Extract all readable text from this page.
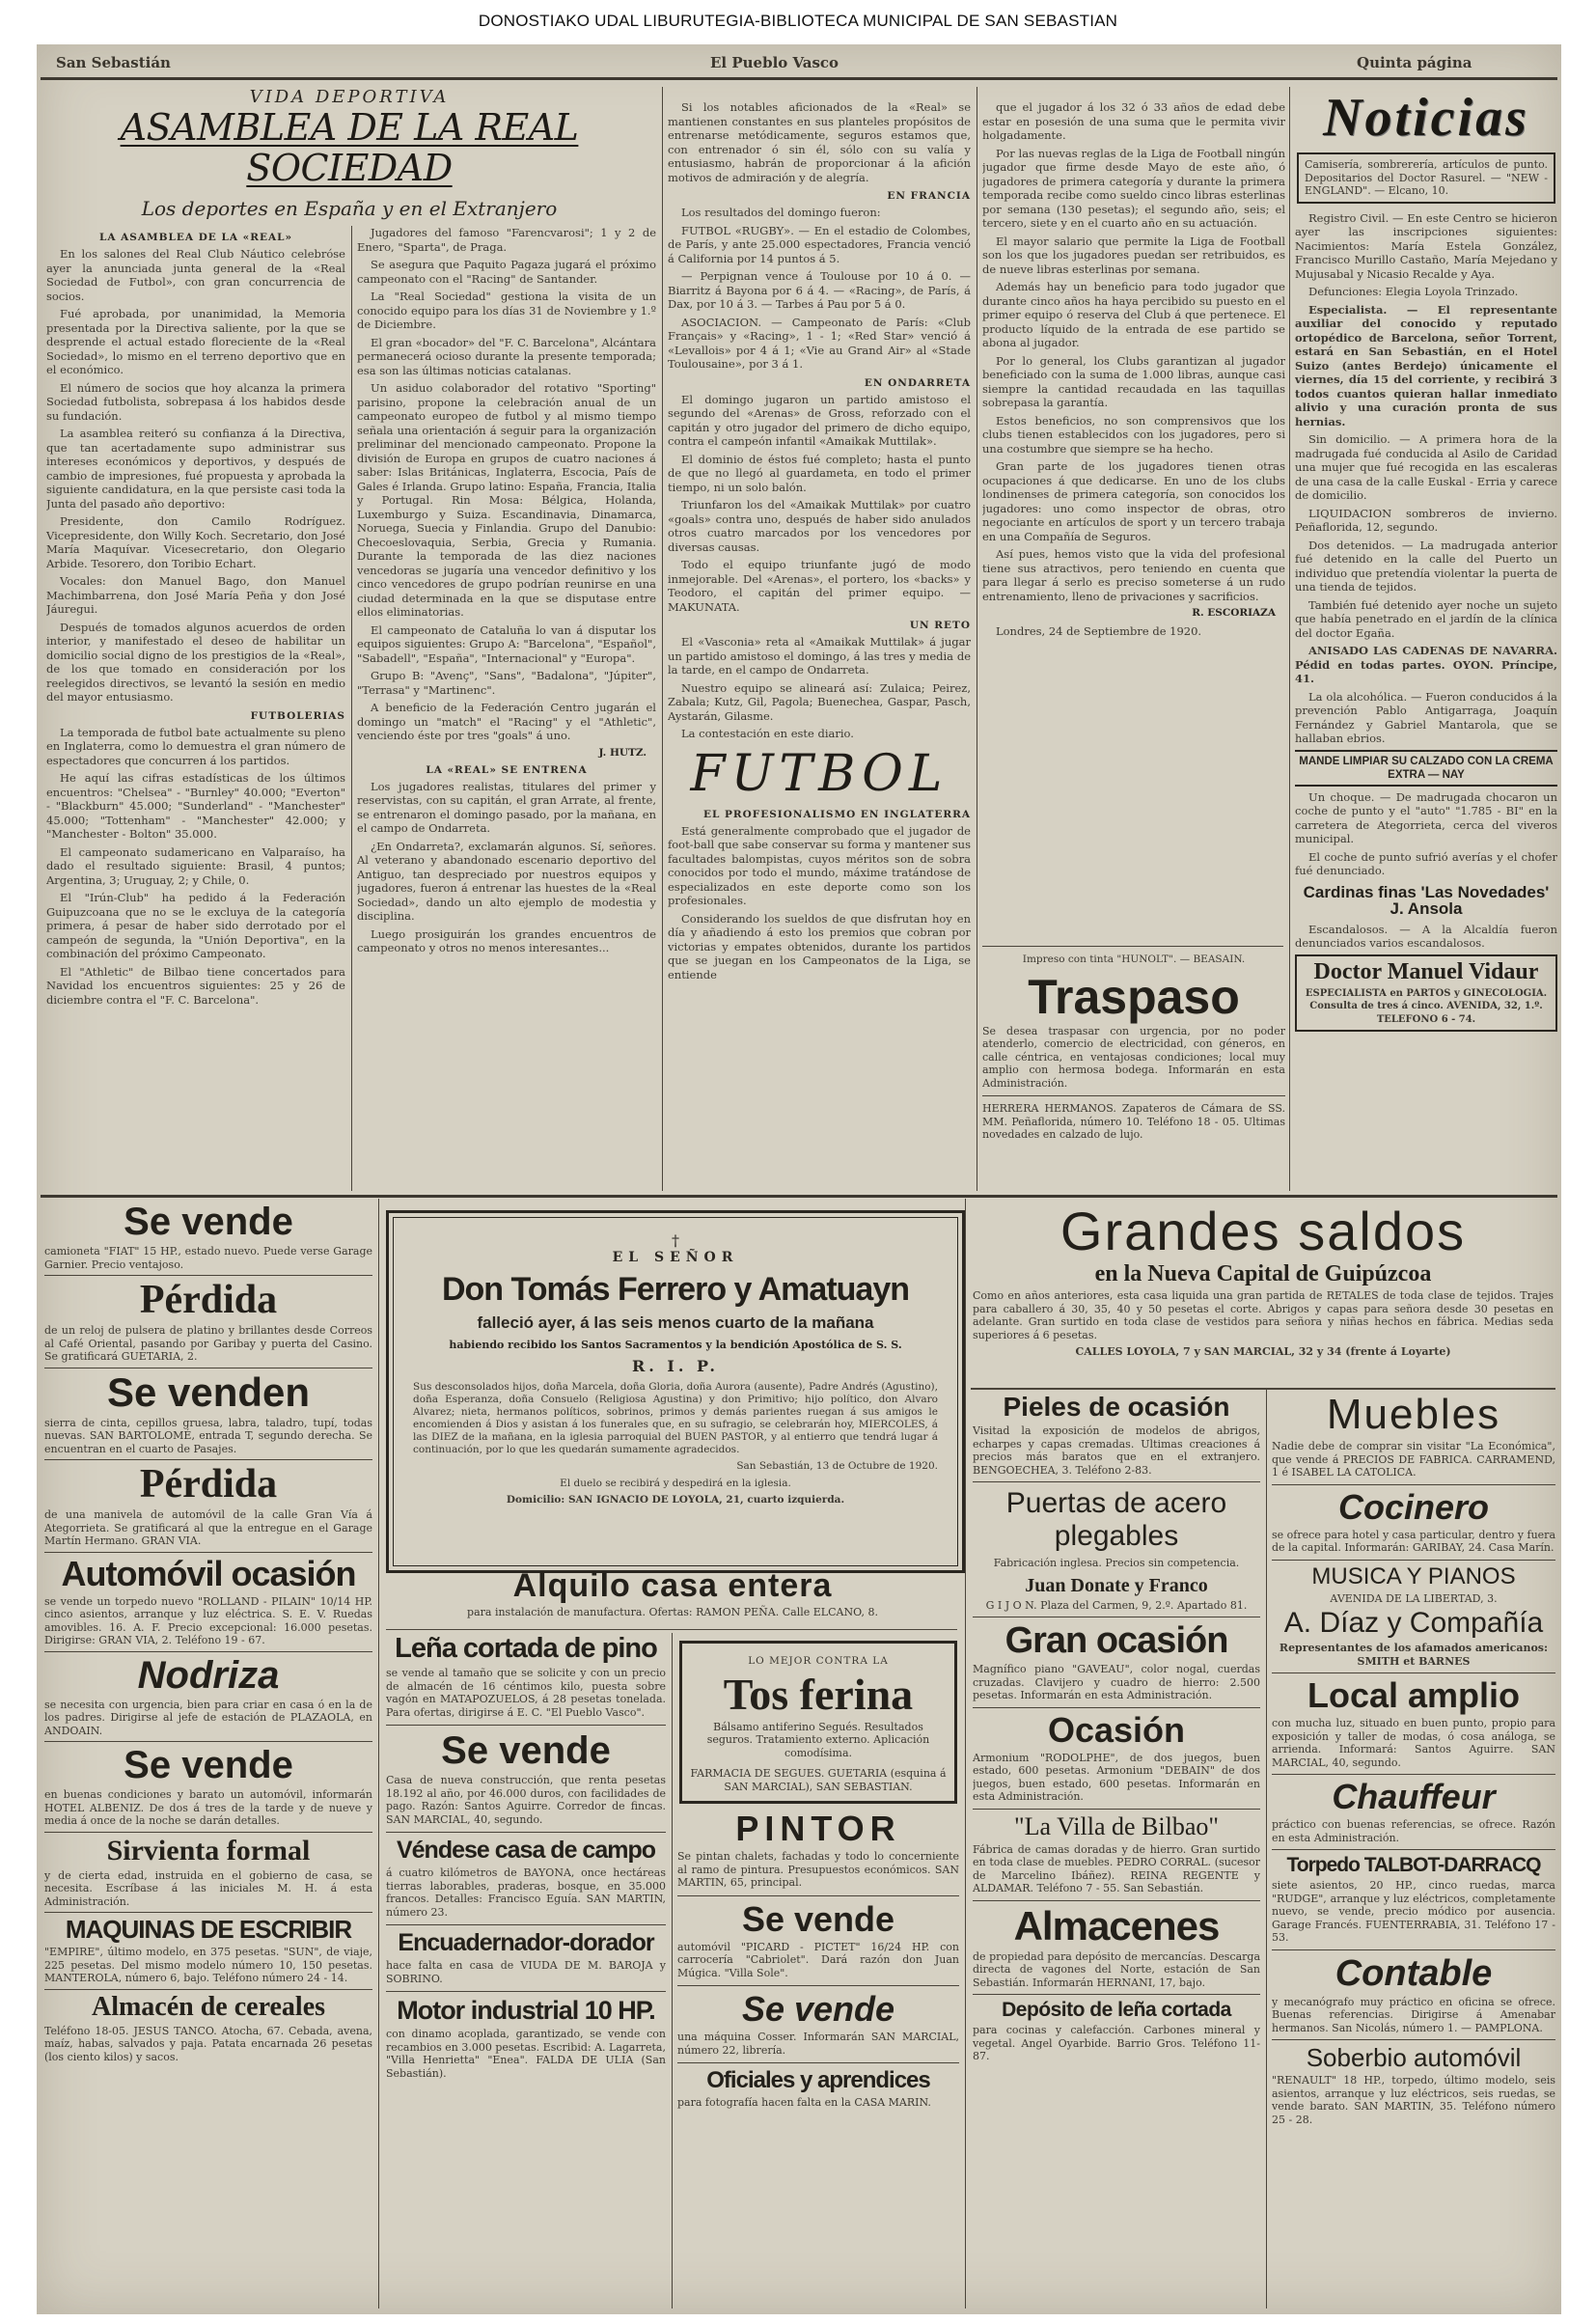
DONOSTIAKO UDAL LIBURUTEGIA-BIBLIOTECA MUNICIPAL DE SAN SEBASTIAN
San Sebastián	El Pueblo Vasco	Quinta página
VIDA DEPORTIVA
ASAMBLEA DE LA REAL SOCIEDAD
Los deportes en España y en el Extranjero
LA ASAMBLEA DE LA «REAL»

En los salones del Real Club Náutico celebróse ayer la anunciada junta general de la «Real Sociedad de Futbol», con gran concurrencia de socios.

Fué aprobada, por unanimidad, la Memoria presentada por la Directiva saliente, por la que se desprende el actual estado floreciente de la «Real Sociedad», lo mismo en el terreno deportivo que en el económico.

El número de socios que hoy alcanza la primera Sociedad futbolista, sobrepasa á los habidos desde su fundación.

La asamblea reiteró su confianza á la Directiva, que tan acertadamente supo administrar sus intereses económicos y deportivos, y después de cambio de impresiones, fué propuesta y aprobada la siguiente candidatura, en la que persiste casi toda la Junta del pasado año deportivo:

Presidente, don Camilo Rodríguez. Vicepresidente, don Willy Koch. Secretario, don José María Maquívar. Vicesecretario, don Olegario Arbide. Tesorero, don Toribio Echart.

Vocales: don Manuel Bago, don Manuel Machimbarrena, don José María Peña y don José Jáuregui.

Después de tomados algunos acuerdos de orden interior, y manifestado el deseo de habilitar un domicilio social digno de los prestigios de la «Real», de los que tomado en consideración por los reelegidos directivos, se levantó la sesión en medio del mayor entusiasmo.

FUTBOLERIAS

La temporada de futbol bate actualmente su pleno en Inglaterra, como lo demuestra el gran número de espectadores que concurren á los partidos.

He aquí las cifras estadísticas de los últimos encuentros: "Chelsea" - "Burnley" 40.000; "Everton" - "Blackburn" 45.000; "Sunderland" - "Manchester" 45.000; "Tottenham" - "Manchester" 42.000; y "Manchester - Bolton" 35.000.

El campeonato sudamericano en Valparaíso, ha dado el resultado siguiente: Brasil, 4 puntos; Argentina, 3; Uruguay, 2; y Chile, 0.

El "Irún-Club" ha pedido á la Federación Guipuzcoana que no se le excluya de la categoría primera, á pesar de haber sido derrotado por el campeón de segunda, la "Unión Deportiva", en la combinación del próximo Campeonato.

El "Athletic" de Bilbao tiene concertados para Navidad los encuentros siguientes: 25 y 26 de diciembre contra el "F. C. Barcelona".

Jugadores del famoso "Farencvarosi"; 1 y 2 de Enero, "Sparta", de Praga.

Se asegura que Paquito Pagaza jugará el próximo campeonato con el "Racing" de Santander.

La "Real Sociedad" gestiona la visita de un conocido equipo para los días 31 de Noviembre y 1.º de Diciembre.

El gran «bocador» del "F. C. Barcelona", Alcántara permanecerá ocioso durante la presente temporada; esa son las últimas noticias catalanas.

Un asiduo colaborador del rotativo "Sporting" parisino, propone la celebración anual de un campeonato europeo de futbol y al mismo tiempo señala una orientación á seguir para la organización preliminar del mencionado campeonato. Propone la división de Europa en grupos de cuatro naciones á saber: Islas Británicas, Inglaterra, Escocia, País de Gales é Irlanda. Grupo latino: España, Francia, Italia y Portugal. Rin Mosa: Bélgica, Holanda, Luxemburgo y Suiza. Escandinavia, Dinamarca, Noruega, Suecia y Finlandia. Grupo del Danubio: Checoeslovaquia, Serbia, Grecia y Rumania. Durante la temporada de las diez naciones vencedoras se jugaría una vencedor definitivo y los cinco vencedores de grupo podrían reunirse en una ciudad determinada en la que se disputase entre ellos eliminatorias.

El campeonato de Cataluña lo van á disputar los equipos siguientes: Grupo A: "Barcelona", "Español", "Sabadell", "España", "Internacional" y "Europa".

Grupo B: "Avenç", "Sans", "Badalona", "Júpiter", "Terrasa" y "Martinenc".

A beneficio de la Federación Centro jugarán el domingo un "match" el "Racing" y el "Athletic", venciendo éste por tres "goals" á uno.

J. HUTZ.
LA «REAL» SE ENTRENA

Los jugadores realistas, titulares del primer y reservistas, con su capitán, el gran Arrate, al frente, se entrenaron el domingo pasado, por la mañana, en el campo de Ondarreta.

¿En Ondarreta?, exclamarán algunos. Sí, señores. Al veterano y abandonado escenario deportivo del Antiguo, tan despreciado por nuestros equipos y jugadores, fueron á entrenar las huestes de la «Real Sociedad», dando un alto ejemplo de modestia y disciplina.

Luego prosiguirán los grandes encuentros de campeonato y otros no menos interesantes...

Si los notables aficionados de la «Real» se mantienen constantes en sus planteles propósitos de entrenarse metódicamente, seguros estamos que, con entrenador ó sin él, sólo con su valía y entusiasmo, habrán de proporcionar á la afición motivos de admiración y de alegría.

EN FRANCIA

Los resultados del domingo fueron:

FUTBOL «RUGBY». — En el estadio de Colombes, de París, y ante 25.000 espectadores, Francia venció á California por 14 puntos á 5.

— Perpignan vence á Toulouse por 10 á 0. — Biarritz á Bayona por 6 á 4. — «Racing», de París, á Dax, por 10 á 3. — Tarbes á Pau por 5 á 0.

ASOCIACION. — Campeonato de París: «Club Français» y «Racing», 1 - 1; «Red Star» venció á «Levallois» por 4 á 1; «Vie au Grand Air» al «Stade Toulousaine», por 3 á 1.

EN ONDARRETA

El domingo jugaron un partido amistoso el segundo del «Arenas» de Gross, reforzado con el capitán y otro jugador del primero de dicho equipo, contra el campeón infantil «Amaikak Muttilak».

El dominio de éstos fué completo; hasta el punto de que no llegó al guardameta, en todo el primer tiempo, ni un solo balón.

Triunfaron los del «Amaikak Muttilak» por cuatro «goals» contra uno, después de haber sido anulados otros cuatro marcados por los vencedores por diversas causas.

Todo el equipo triunfante jugó de modo inmejorable. Del «Arenas», el portero, los «backs» y Teodoro, el capitán del primer equipo. — MAKUNATA.

UN RETO

El «Vasconia» reta al «Amaikak Muttilak» á jugar un partido amistoso el domingo, á las tres y media de la tarde, en el campo de Ondarreta.

Nuestro equipo se alineará así: Zulaica; Peirez, Zabala; Kutz, Gil, Pagola; Buenechea, Gaspar, Pasch, Aystarán, Gilasme.

La contestación en este diario.

FUTBOL
EL PROFESIONALISMO EN INGLATERRA

Está generalmente comprobado que el jugador de foot-ball que sabe conservar su forma y mantener sus facultades balompistas, cuyos méritos son de sobra conocidos por todo el mundo, máxime tratándose de especializados en este deporte como son los profesionales.

Considerando los sueldos de que disfrutan hoy en día y añadiendo á esto los premios que cobran por victorias y empates obtenidos, durante los partidos que se juegan en los Campeonatos de la Liga, se entiende

que el jugador á los 32 ó 33 años de edad debe estar en posesión de una suma que le permita vivir holgadamente.

Por las nuevas reglas de la Liga de Football ningún jugador que firme desde Mayo de este año, ó jugadores de primera categoría y durante la primera temporada recibe como sueldo cinco libras esterlinas por semana (130 pesetas); el segundo año, seis; el tercero, siete y en el cuarto año en su actuación.

El mayor salario que permite la Liga de Football son los que los jugadores puedan ser retribuidos, es de nueve libras esterlinas por semana.

Además hay un beneficio para todo jugador que durante cinco años ha haya percibido su puesto en el primer equipo ó reserva del Club á que pertenece. El producto líquido de la entrada de ese partido se abona al jugador.

Por lo general, los Clubs garantizan al jugador beneficiado con la suma de 1.000 libras, aunque casi siempre la cantidad recaudada en las taquillas sobrepasa la garantía.

Estos beneficios, no son comprensivos que los clubs tienen establecidos con los jugadores, pero si una costumbre que siempre se ha hecho.

Gran parte de los jugadores tienen otras ocupaciones á que dedicarse. En uno de los clubs londinenses de primera categoría, son conocidos los jugadores: uno como inspector de obras, otro negociante en artículos de sport y un tercero trabaja en una Compañía de Seguros.

Así pues, hemos visto que la vida del profesional tiene sus atractivos, pero teniendo en cuenta que para llegar á serlo es preciso someterse á un rudo entrenamiento, lleno de privaciones y sacrificios.

R. ESCORIAZA

Londres, 24 de Septiembre de 1920.

Impreso con tinta "HUNOLT". — BEASAIN.
Traspaso
Se desea traspasar con urgencia, por no poder atenderlo, comercio de electricidad, con géneros, en calle céntrica, en ventajosas condiciones; local muy amplio con hermosa bodega. Informarán en esta Administración.
HERRERA HERMANOS. Zapateros de Cámara de SS. MM. Peñaflorida, número 10. Teléfono 18 - 05. Ultimas novedades en calzado de lujo.
Noticias
Camisería, sombrerería, artículos de punto. Depositarios del Doctor Rasurel. — "NEW - ENGLAND". — Elcano, 10.

Registro Civil. — En este Centro se hicieron ayer las inscripciones siguientes: Nacimientos: María Estela González, Francisco Murillo Castaño, María Mejedano y Mujusabal y Nicasio Recalde y Aya.

Defunciones: Elegia Loyola Trinzado.

Especialista. — El representante auxiliar del conocido y reputado ortopédico de Barcelona, señor Torrent, estará en San Sebastián, en el Hotel Suizo (antes Berdejo) únicamente el viernes, día 15 del corriente, y recibirá 3 todos cuantos quieran hallar inmediato alivio y una curación pronta de sus hernias.

Sin domicilio. — A primera hora de la madrugada fué conducida al Asilo de Caridad una mujer que fué recogida en las escaleras de una casa de la calle Euskal - Erria y carece de domicilio.

LIQUIDACION sombreros de invierno. Peñaflorida, 12, segundo.

Dos detenidos. — La madrugada anterior fué detenido en la calle del Puerto un individuo que pretendía violentar la puerta de una tienda de tejidos.

También fué detenido ayer noche un sujeto que había penetrado en el jardín de la clínica del doctor Egaña.

ANISADO LAS CADENAS DE NAVARRA. Pédid en todas partes. OYON. Príncipe, 41.

La ola alcohólica. — Fueron conducidos á la prevención Pablo Antigarraga, Joaquín Fernández y Gabriel Mantarola, que se hallaban ebrios.

MANDE LIMPIAR SU CALZADO CON LA CREMA EXTRA — NAY

Un choque. — De madrugada chocaron un coche de punto y el "auto" "1.785 - BI" en la carretera de Ategorrieta, cerca del viveros municipal.

El coche de punto sufrió averías y el chofer fué denunciado.

Cardinas finas 'Las Novedades' J. Ansola

Escandalosos. — A la Alcaldía fueron denunciados varios escandalosos.

Doctor Manuel Vidaur
ESPECIALISTA en PARTOS y GINECOLOGIA. Consulta de tres á cinco. AVENIDA, 32, 1.º. TELEFONO 6 - 74.
Se vende
camioneta "FIAT" 15 HP., estado nuevo. Puede verse Garage Garnier. Precio ventajoso.
Pérdida
de un reloj de pulsera de platino y brillantes desde Correos al Café Oriental, pasando por Garibay y puerta del Casino. Se gratificará GUETARIA, 2.
Se venden
sierra de cinta, cepillos gruesa, labra, taladro, tupí, todas nuevas. SAN BARTOLOMÉ, entrada T, segundo derecha. Se encuentran en el cuarto de Pasajes.
Pérdida
de una manivela de automóvil de la calle Gran Vía á Ategorrieta. Se gratificará al que la entregue en el Garage Martín Hermano. GRAN VIA.
Automóvil ocasión
se vende un torpedo nuevo "ROLLAND - PILAIN" 10/14 HP. cinco asientos, arranque y luz eléctrica. S. E. V. Ruedas amovibles. 16. A. F. Precio excepcional: 16.000 pesetas. Dirigirse: GRAN VIA, 2. Teléfono 19 - 67.
Nodriza
se necesita con urgencia, bien para criar en casa ó en la de los padres. Dirigirse al jefe de estación de PLAZAOLA, en ANDOAIN.
Se vende
en buenas condiciones y barato un automóvil, informarán HOTEL ALBENIZ. De dos á tres de la tarde y de nueve y media á once de la noche se darán detalles.
Sirvienta formal
y de cierta edad, instruida en el gobierno de casa, se necesita. Escríbase á las iniciales M. H. á esta Administración.
MAQUINAS DE ESCRIBIR
"EMPIRE", último modelo, en 375 pesetas. "SUN", de viaje, 225 pesetas. Del mismo modelo número 10, 150 pesetas. MANTEROLA, número 6, bajo. Teléfono número 24 - 14.
Almacén de cereales
Teléfono 18-05. JESUS TANCO. Atocha, 67. Cebada, avena, maíz, habas, salvados y paja. Patata encarnada 26 pesetas (los ciento kilos) y sacos.
†
EL SEÑOR
Don Tomás Ferrero y Amatuayn
falleció ayer, á las seis menos cuarto de la mañana
habiendo recibido los Santos Sacramentos y la bendición Apostólica de S. S.
R. I. P.
Sus desconsolados hijos, doña Marcela, doña Gloria, doña Aurora (ausente), Padre Andrés (Agustino), doña Esperanza, doña Consuelo (Religiosa Agustina) y don Primitivo; hijo político, don Alvaro Alvarez; nieta, hermanos políticos, sobrinos, primos y demás parientes ruegan á sus amigos le encomienden á Dios y asistan á los funerales que, en su sufragio, se celebrarán hoy, MIERCOLES, á las DIEZ de la mañana, en la iglesia parroquial del BUEN PASTOR, y al entierro que tendrá lugar á continuación, por lo que les quedarán sumamente agradecidos.
San Sebastián, 13 de Octubre de 1920.
El duelo se recibirá y despedirá en la iglesia.
Domicilio: SAN IGNACIO DE LOYOLA, 21, cuarto izquierda.
Alquilo casa entera
para instalación de manufactura. Ofertas: RAMON PEÑA. Calle ELCANO, 8.
Leña cortada de pino
se vende al tamaño que se solicite y con un precio de almacén de 16 céntimos kilo, puesta sobre vagón en MATAPOZUELOS, á 28 pesetas tonelada. Para ofertas, dirigirse á E. C. "El Pueblo Vasco".
Se vende
Casa de nueva construcción, que renta pesetas 18.192 al año, por 46.000 duros, con facilidades de pago. Razón: Santos Aguirre. Corredor de fincas. SAN MARCIAL, 40, segundo.
Véndese casa de campo
á cuatro kilómetros de BAYONA, once hectáreas tierras laborables, praderas, bosque, en 35.000 francos. Detalles: Francisco Eguía. SAN MARTIN, número 23.
Encuadernador-dorador
hace falta en casa de VIUDA DE M. BAROJA y SOBRINO.
Motor industrial 10 HP.
con dinamo acoplada, garantizado, se vende con recambios en 3.000 pesetas. Escribid: A. Lagarreta, "Villa Henrietta" "Enea". FALDA DE ULIA (San Sebastián).
LO MEJOR CONTRA LA
Tos ferina
Bálsamo antiferino Segués. Resultados seguros. Tratamiento externo. Aplicación comodísima.
FARMACIA DE SEGUES. GUETARIA (esquina á SAN MARCIAL), SAN SEBASTIAN.
PINTOR
Se pintan chalets, fachadas y todo lo concerniente al ramo de pintura. Presupuestos económicos. SAN MARTIN, 65, principal.
Se vende
automóvil "PICARD - PICTET" 16/24 HP. con carrocería "Cabriolet". Dará razón don Juan Múgica. "Villa Sole".
Se vende
una máquina Cosser. Informarán SAN MARCIAL, número 22, librería.
Oficiales y aprendices
para fotografía hacen falta en la CASA MARIN.
Grandes saldos
en la Nueva Capital de Guipúzcoa
Como en años anteriores, esta casa liquida una gran partida de RETALES de toda clase de tejidos. Trajes para caballero á 30, 35, 40 y 50 pesetas el corte. Abrigos y capas para señora desde 30 pesetas en adelante. Gran surtido en toda clase de vestidos para señora y niñas hechos en fábrica. Medias seda superiores á 6 pesetas.
CALLES LOYOLA, 7 y SAN MARCIAL, 32 y 34 (frente á Loyarte)
Pieles de ocasión
Visitad la exposición de modelos de abrigos, echarpes y capas cremadas. Ultimas creaciones á precios más baratos que en el extranjero. BENGOECHEA, 3. Teléfono 2-83.
Puertas de acero plegables
Fabricación inglesa. Precios sin competencia.
Juan Donate y Franco
G I J O N. Plaza del Carmen, 9, 2.º. Apartado 81.
Gran ocasión
Magnífico piano "GAVEAU", color nogal, cuerdas cruzadas. Clavijero y cuadro de hierro: 2.500 pesetas. Informarán en esta Administración.
Ocasión
Armonium "RODOLPHE", de dos juegos, buen estado, 600 pesetas. Armonium "DEBAIN" de dos juegos, buen estado, 600 pesetas. Informarán en esta Administración.
"La Villa de Bilbao"
Fábrica de camas doradas y de hierro. Gran surtido en toda clase de muebles. PEDRO CORRAL. (sucesor de Marcelino Ibáñez). REINA REGENTE y ALDAMAR. Teléfono 7 - 55. San Sebastián.
Almacenes
de propiedad para depósito de mercancías. Descarga directa de vagones del Norte, estación de San Sebastián. Informarán HERNANI, 17, bajo.
Depósito de leña cortada
para cocinas y calefacción. Carbones mineral y vegetal. Angel Oyarbide. Barrio Gros. Teléfono 11-87.
Muebles
Nadie debe de comprar sin visitar "La Económica", que vende á PRECIOS DE FABRICA. CARRAMEND, 1 é ISABEL LA CATOLICA.
Cocinero
se ofrece para hotel y casa particular, dentro y fuera de la capital. Informarán: GARIBAY, 24. Casa Marín.
MUSICA Y PIANOS
AVENIDA DE LA LIBERTAD, 3.
A. Díaz y Compañía
Representantes de los afamados americanos: SMITH et BARNES
Local amplio
con mucha luz, situado en buen punto, propio para exposición y taller de modas, ó cosa análoga, se arrienda. Informará: Santos Aguirre. SAN MARCIAL, 40, segundo.
Chauffeur
práctico con buenas referencias, se ofrece. Razón en esta Administración.
Torpedo TALBOT-DARRACQ
siete asientos, 20 HP., cinco ruedas, marca "RUDGE", arranque y luz eléctricos, completamente nuevo, se vende, precio módico por ausencia. Garage Francés. FUENTERRABIA, 31. Teléfono 17 - 53.
Contable
y mecanógrafo muy práctico en oficina se ofrece. Buenas referencias. Dirigirse á Amenabar hermanos. San Nicolás, número 1. — PAMPLONA.
Soberbio automóvil
"RENAULT" 18 HP., torpedo, último modelo, seis asientos, arranque y luz eléctricos, seis ruedas, se vende barato. SAN MARTIN, 35. Teléfono número 25 - 28.
